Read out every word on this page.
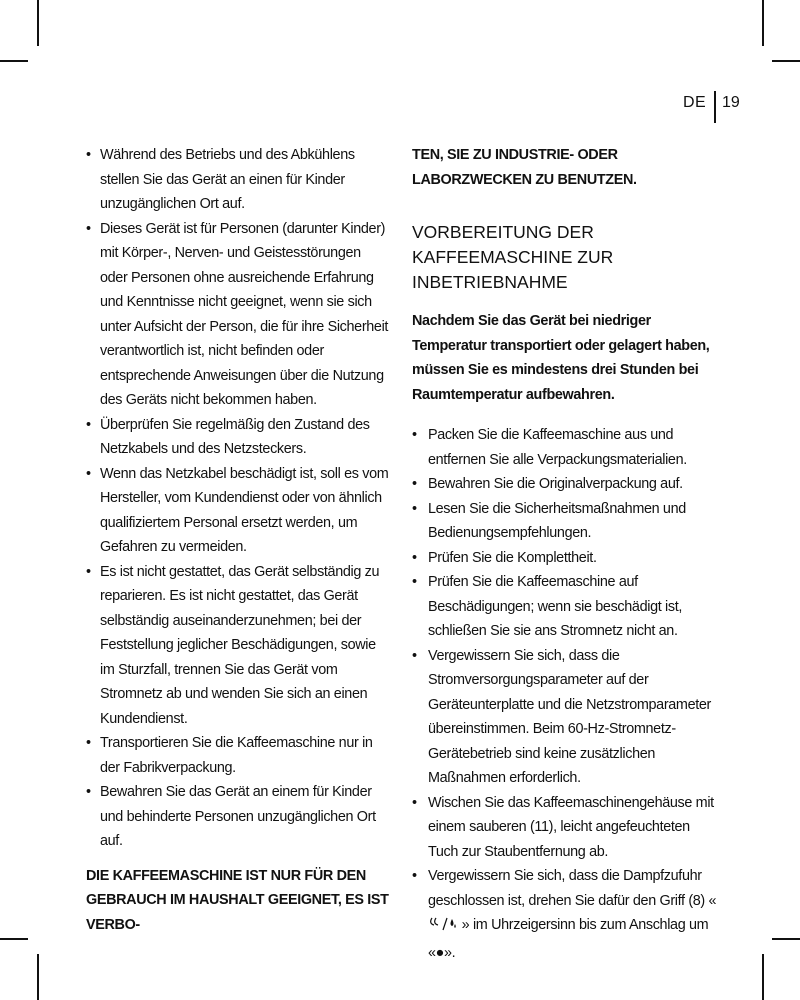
DE 19
• Während des Betriebs und des Abkühlens stellen Sie das Gerät an einen für Kinder unzugänglichen Ort auf.
• Dieses Gerät ist für Personen (darunter Kinder) mit Körper-, Nerven- und Geistesstörungen oder Personen ohne ausreichende Erfahrung und Kenntnisse nicht geeignet, wenn sie sich unter Aufsicht der Person, die für ihre Sicherheit verantwortlich ist, nicht befinden oder entsprechende Anweisungen über die Nutzung des Geräts nicht bekommen haben.
• Überprüfen Sie regelmäßig den Zustand des Netzkabels und des Netzsteckers.
• Wenn das Netzkabel beschädigt ist, soll es vom Hersteller, vom Kundendienst oder von ähnlich qualifiziertem Personal ersetzt werden, um Gefahren zu vermeiden.
• Es ist nicht gestattet, das Gerät selbständig zu reparieren. Es ist nicht gestattet, das Gerät selbständig auseinanderzunehmen; bei der Feststellung jeglicher Beschädigungen, sowie im Sturzfall, trennen Sie das Gerät vom Stromnetz ab und wenden Sie sich an einen Kundendienst.
• Transportieren Sie die Kaffeemaschine nur in der Fabrikverpackung.
• Bewahren Sie das Gerät an einem für Kinder und behinderte Personen unzugänglichen Ort auf.

DIE KAFFEEMASCHINE IST NUR FÜR DEN GEBRAUCH IM HAUSHALT GEEIGNET, ES IST VERBO-

TEN, SIE ZU INDUSTRIE- ODER LABORZWECKEN ZU BENUTZEN.

VORBEREITUNG DER KAFFEEMASCHINE ZUR INBETRIEBNAHME

Nachdem Sie das Gerät bei niedriger Temperatur transportiert oder gelagert haben, müssen Sie es mindestens drei Stunden bei Raumtemperatur aufbewahren.

• Packen Sie die Kaffeemaschine aus und entfernen Sie alle Verpackungsmaterialien.
• Bewahren Sie die Originalverpackung auf.
• Lesen Sie die Sicherheitsmaßnahmen und Bedienungsempfehlungen.
• Prüfen Sie die Komplettheit.
• Prüfen Sie die Kaffeemaschine auf Beschädigungen; wenn sie beschädigt ist, schließen Sie sie ans Stromnetz nicht an.
• Vergewissern Sie sich, dass die Stromversorgungsparameter auf der Geräteunterplatte und die Netzstromparameter übereinstimmen. Beim 60-Hz-Stromnetz-Gerätebetrieb sind keine zusätzlichen Maßnahmen erforderlich.
• Wischen Sie das Kaffeemaschinengehäuse mit einem sauberen (11), leicht angefeuchteten Tuch zur Staubentfernung ab.
• Vergewissern Sie sich, dass die Dampfzufuhr geschlossen ist, drehen Sie dafür den Griff (8) «  » im Uhrzeigersinn bis zum Anschlag um «●».
